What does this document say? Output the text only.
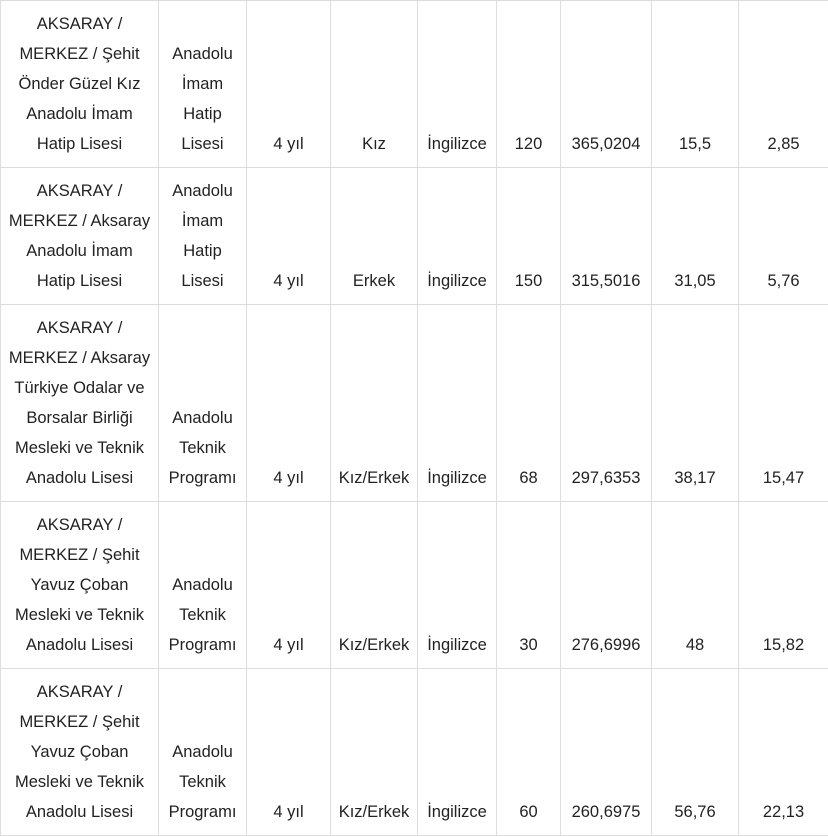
AKSARAY / MERKEZ / Şehit Önder Güzel Kız Anadolu İmam Hatip Lisesi	Anadolu İmam Hatip Lisesi	4 yıl	Kız	İngilizce	120	365,0204	15,5	2,85
AKSARAY / MERKEZ / Aksaray Anadolu İmam Hatip Lisesi	Anadolu İmam Hatip Lisesi	4 yıl	Erkek	İngilizce	150	315,5016	31,05	5,76
AKSARAY / MERKEZ / Aksaray Türkiye Odalar ve Borsalar Birliği Mesleki ve Teknik Anadolu Lisesi	Anadolu Teknik Programı	4 yıl	Kız/Erkek	İngilizce	68	297,6353	38,17	15,47
AKSARAY / MERKEZ / Şehit Yavuz Çoban Mesleki ve Teknik Anadolu Lisesi	Anadolu Teknik Programı	4 yıl	Kız/Erkek	İngilizce	30	276,6996	48	15,82
AKSARAY / MERKEZ / Şehit Yavuz Çoban Mesleki ve Teknik Anadolu Lisesi	Anadolu Teknik Programı	4 yıl	Kız/Erkek	İngilizce	60	260,6975	56,76	22,13
